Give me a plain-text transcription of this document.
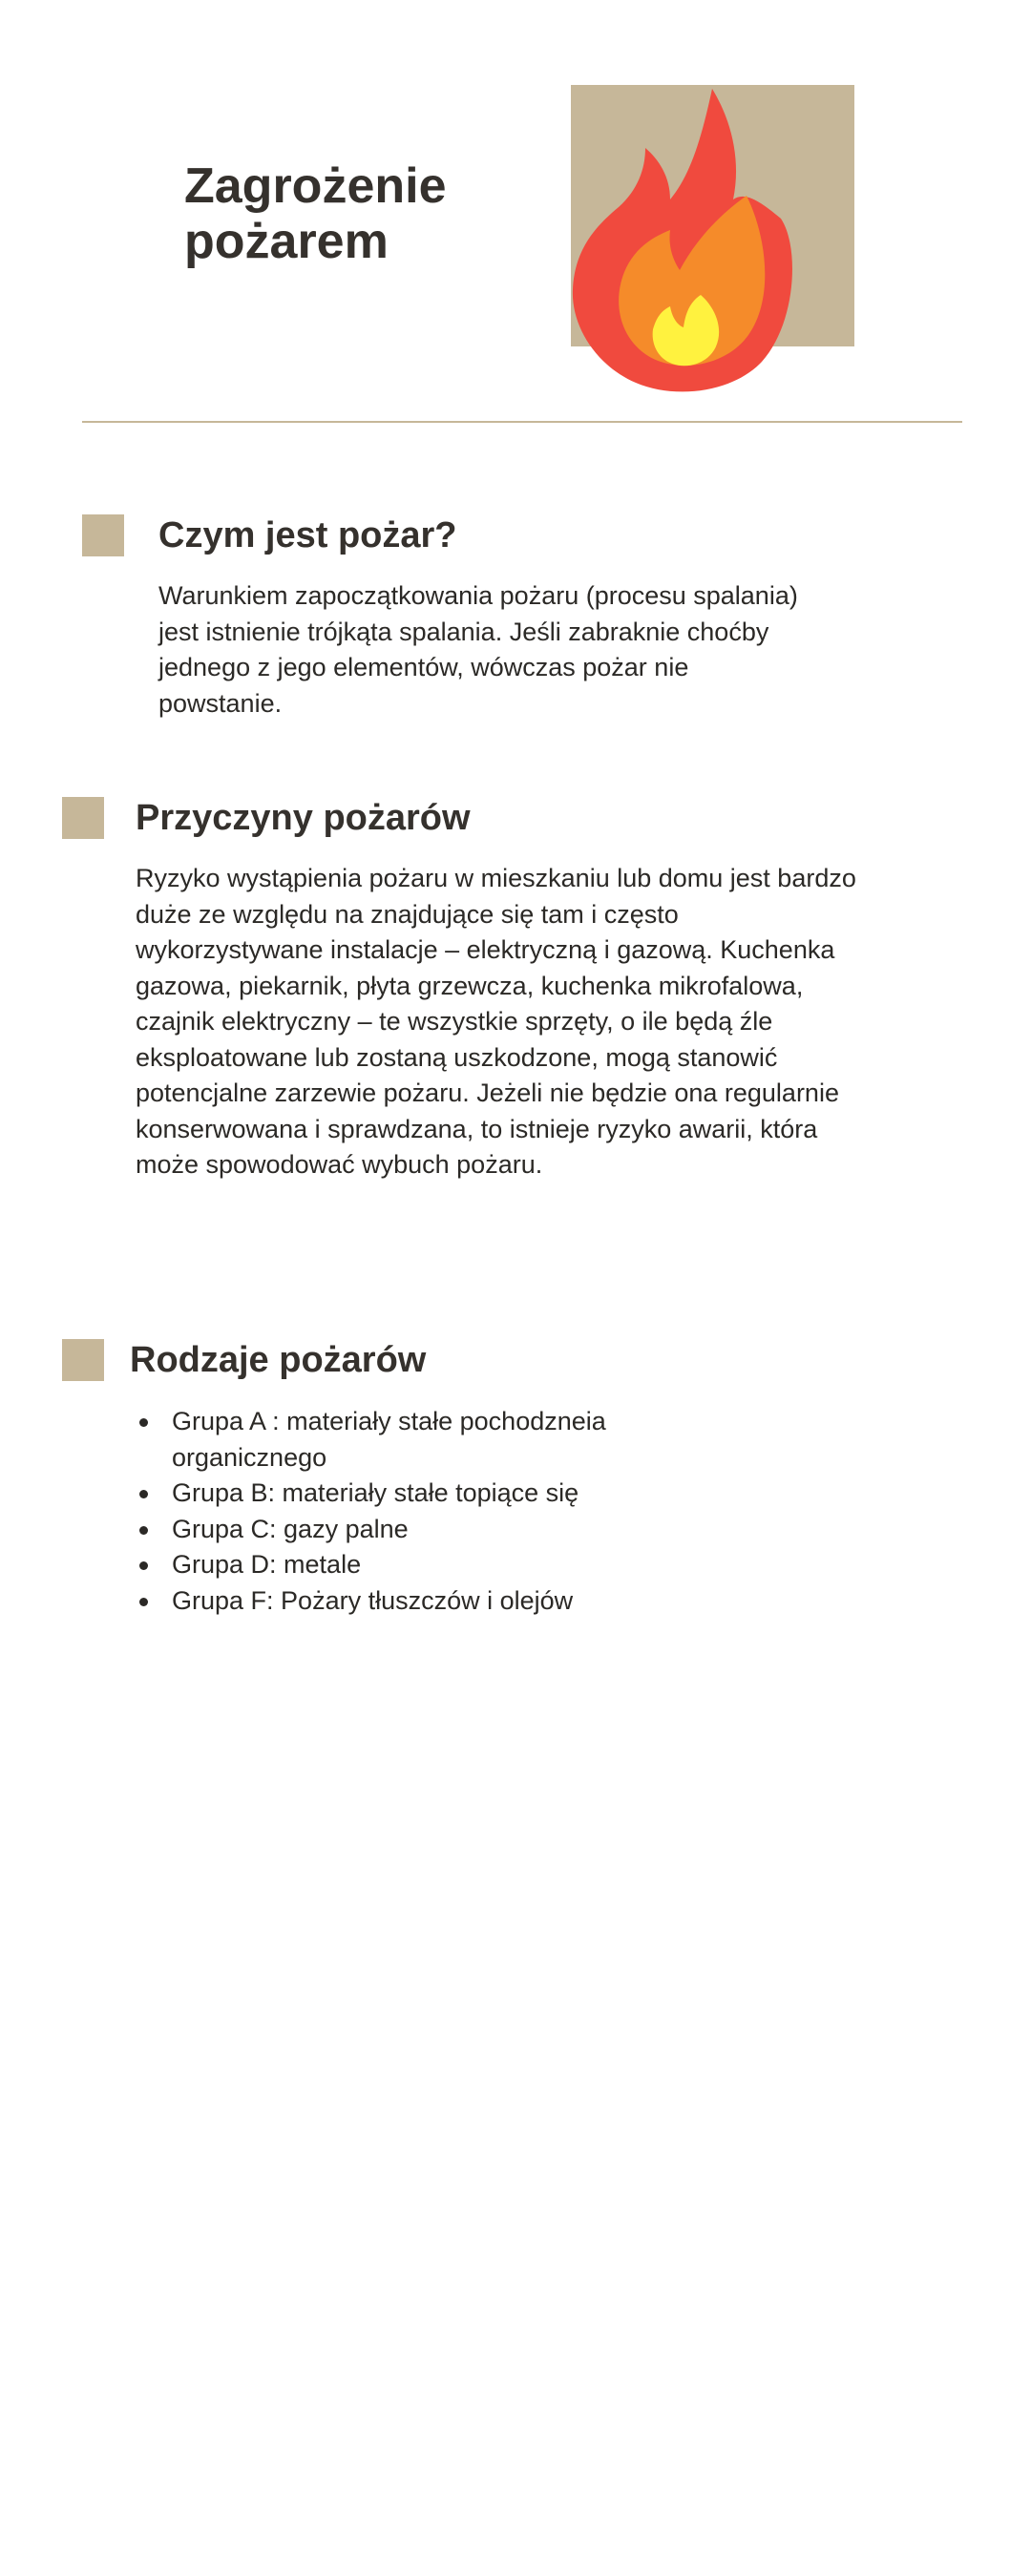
Zagrożenie
pożarem
Czym jest pożar?

Warunkiem zapoczątkowania pożaru (procesu spalania) jest istnienie trójkąta spalania. Jeśli zabraknie choćby jednego z jego elementów, wówczas pożar nie powstanie.

Przyczyny pożarów

Ryzyko wystąpienia pożaru w mieszkaniu lub domu jest bardzo duże ze względu na znajdujące się tam i często wykorzystywane instalacje – elektryczną i gazową. Kuchenka gazowa, piekarnik, płyta grzewcza, kuchenka mikrofalowa, czajnik elektryczny – te wszystkie sprzęty, o ile będą źle eksploatowane lub zostaną uszkodzone, mogą stanowić potencjalne zarzewie pożaru. Jeżeli nie będzie ona regularnie konserwowana i sprawdzana, to istnieje ryzyko awarii, która może spowodować wybuch pożaru.

Rodzaje pożarów
Grupa A : materiały stałe pochodzneia organicznego
Grupa B: materiały stałe topiące się
Grupa C: gazy palne
Grupa D: metale
Grupa F: Pożary tłuszczów i olejów
